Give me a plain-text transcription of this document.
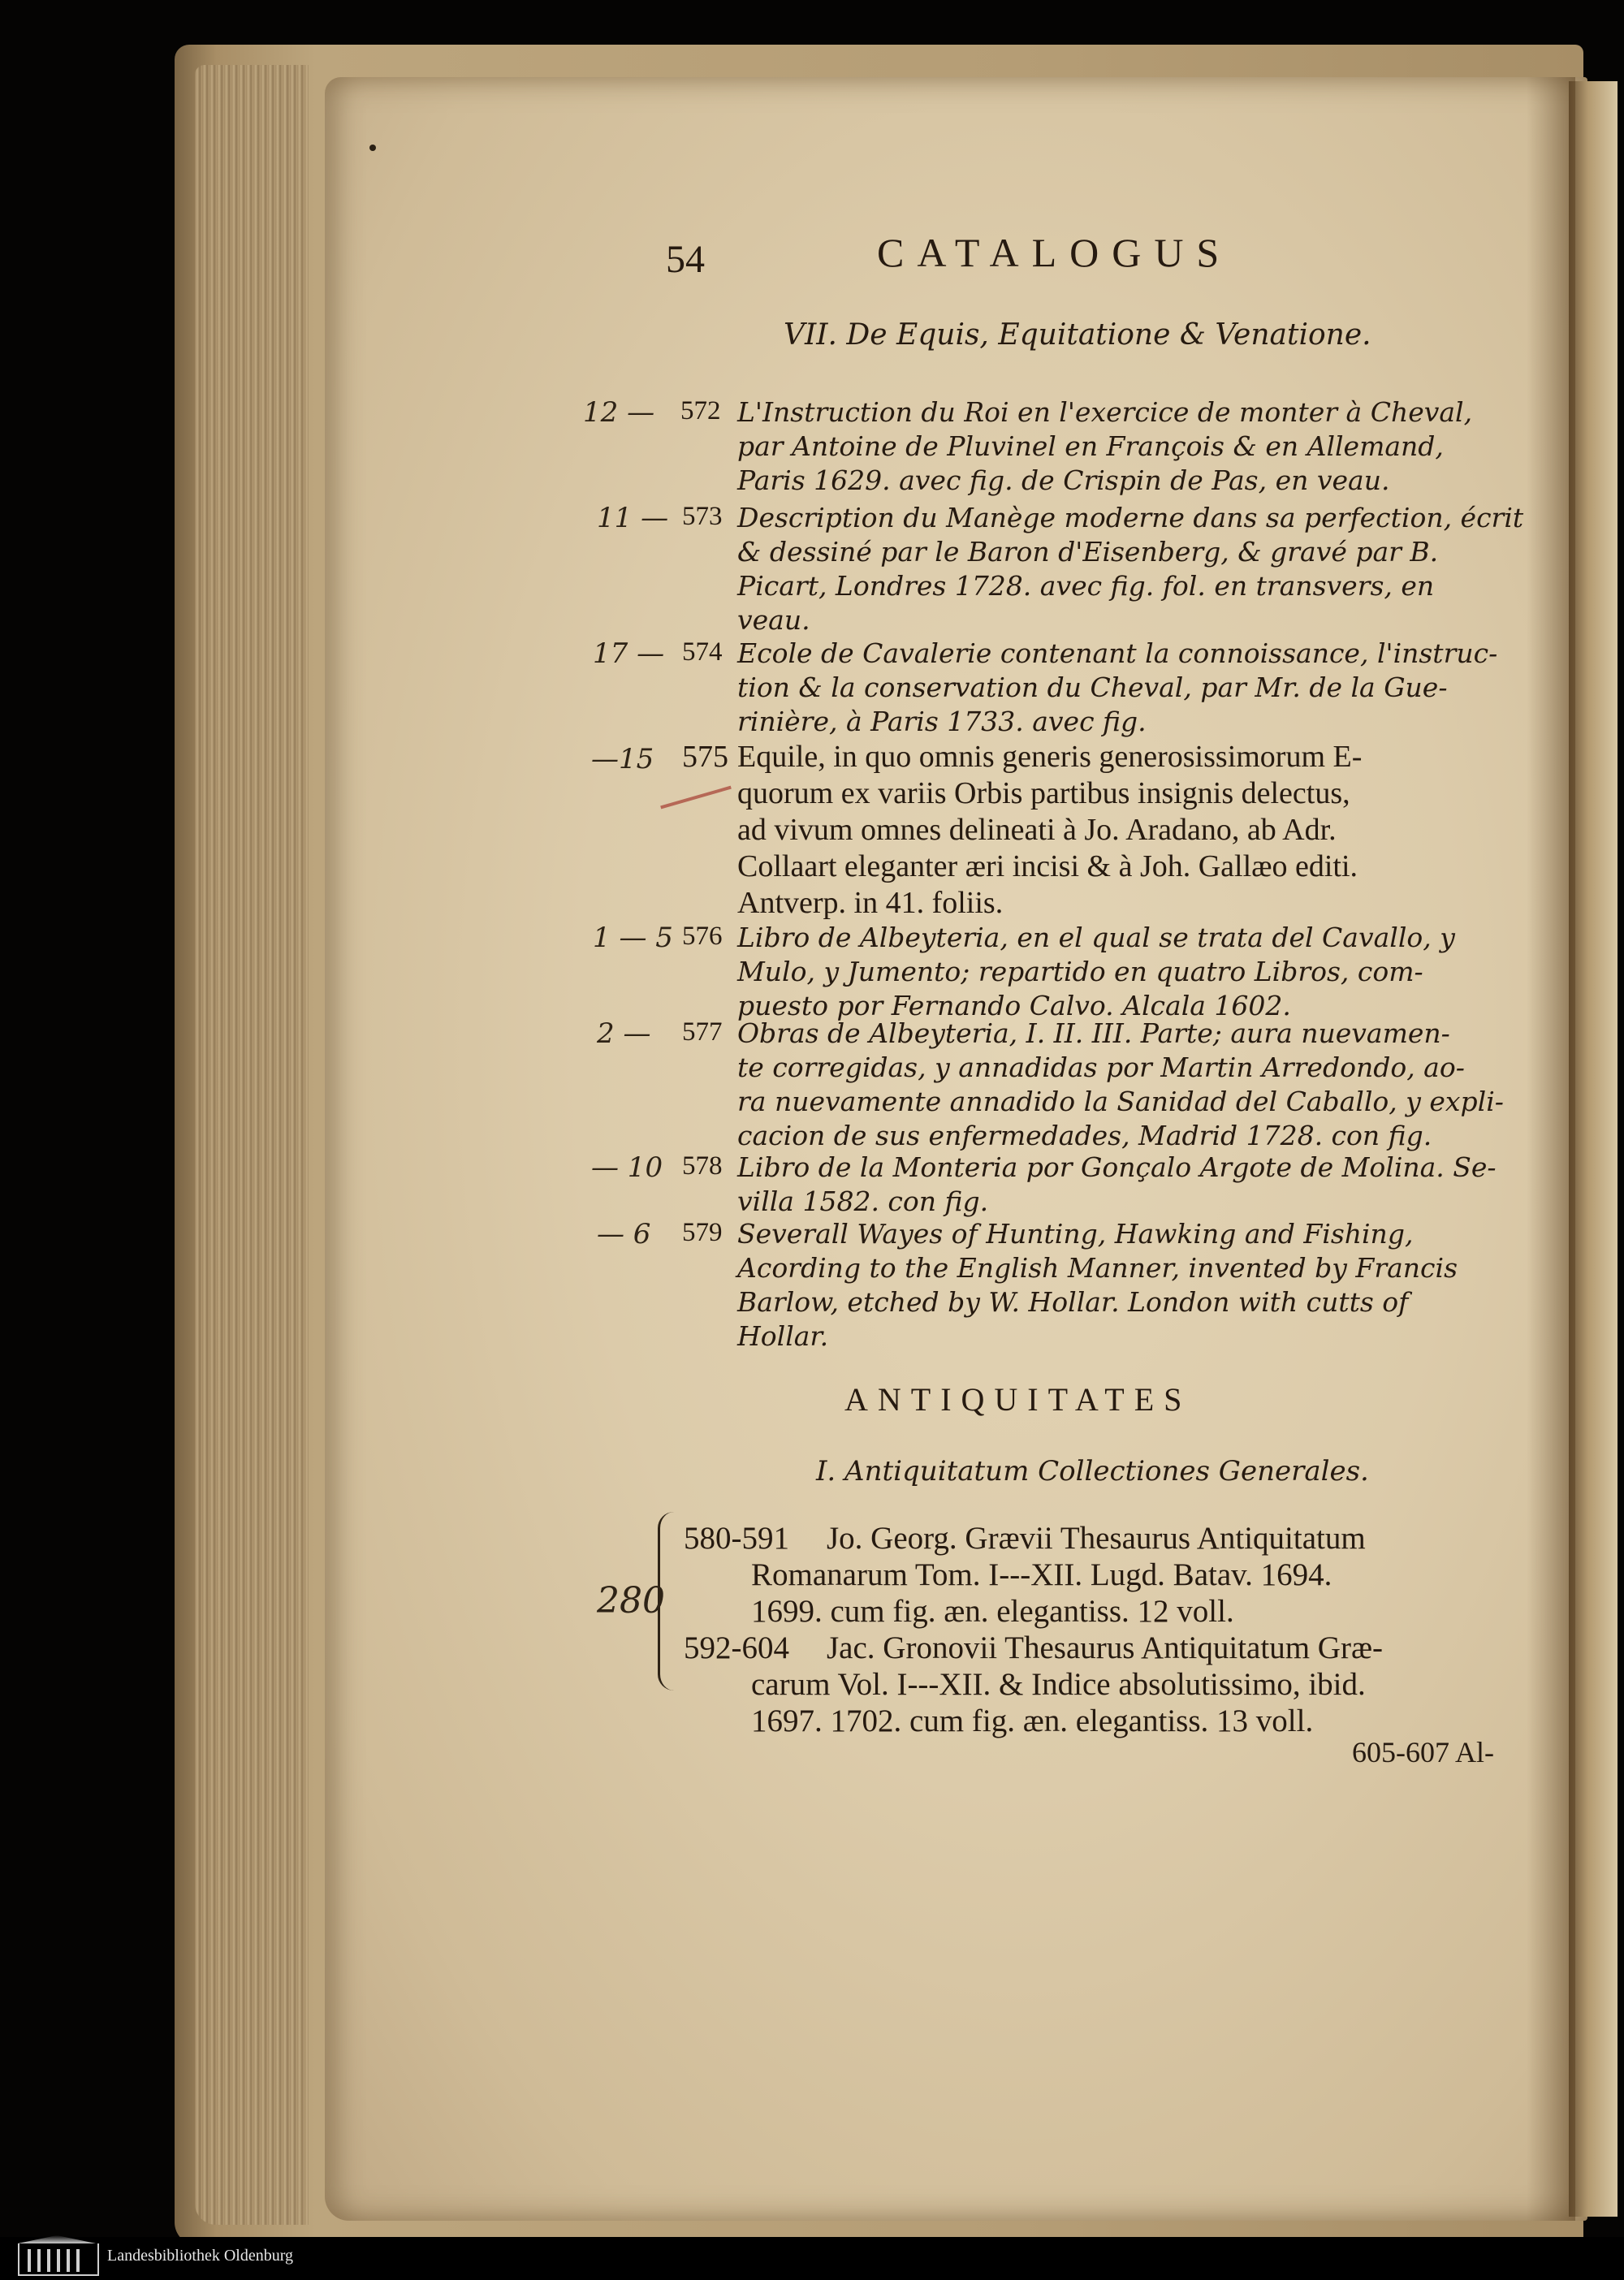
54	CATALOGUS
VII. De Equis, Equitatione & Venatione.
12 — 572 L'Instruction du Roi en l'exercice de monter à Cheval,
par Antoine de Pluvinel en François & en Allemand,
Paris 1629. avec fig. de Crispin de Pas, en veau.
11 — 573 Description du Manège moderne dans sa perfection, écrit
& dessiné par le Baron d'Eisenberg, & gravé par B.
Picart, Londres 1728. avec fig. fol. en transvers, en
veau.
17 — 574 Ecole de Cavalerie contenant la connoissance, l'instruc-
tion & la conservation du Cheval, par Mr. de la Gue-
rinière, à Paris 1733. avec fig.
—15 575 Equile, in quo omnis generis generosissimorum E-
quorum ex variis Orbis partibus insignis delectus,
ad vivum omnes delineati à Jo. Aradano, ab Adr.
Collaart eleganter æri incisi & à Joh. Gallæo editi.
Antverp. in 41. foliis.
1 — 5 576 Libro de Albeyteria, en el qual se trata del Cavallo, y
Mulo, y Jumento; repartido en quatro Libros, com-
puesto por Fernando Calvo. Alcala 1602.
2 — 577 Obras de Albeyteria, I. II. III. Parte; aura nuevamen-
te corregidas, y annadidas por Martin Arredondo, ao-
ra nuevamente annadido la Sanidad del Caballo, y expli-
cacion de sus enfermedades, Madrid 1728. con fig.
— 10 578 Libro de la Monteria por Gonçalo Argote de Molina. Se-
villa 1582. con fig.
— 6 579 Severall Wayes of Hunting, Hawking and Fishing,
Acording to the English Manner, invented by Francis
Barlow, etched by W. Hollar. London with cutts of
Hollar.
ANTIQUITATES
I. Antiquitatum Collectiones Generales.
280
580-591 Jo. Georg. Grævii Thesaurus Antiquitatum
Romanarum Tom. I---XII. Lugd. Batav. 1694.
1699. cum fig. æn. elegantiss. 12 voll.
592-604 Jac. Gronovii Thesaurus Antiquitatum Græ-
carum Vol. I---XII. & Indice absolutissimo, ibid.
1697. 1702. cum fig. æn. elegantiss. 13 voll.
605-607 Al-
Landesbibliothek Oldenburg
